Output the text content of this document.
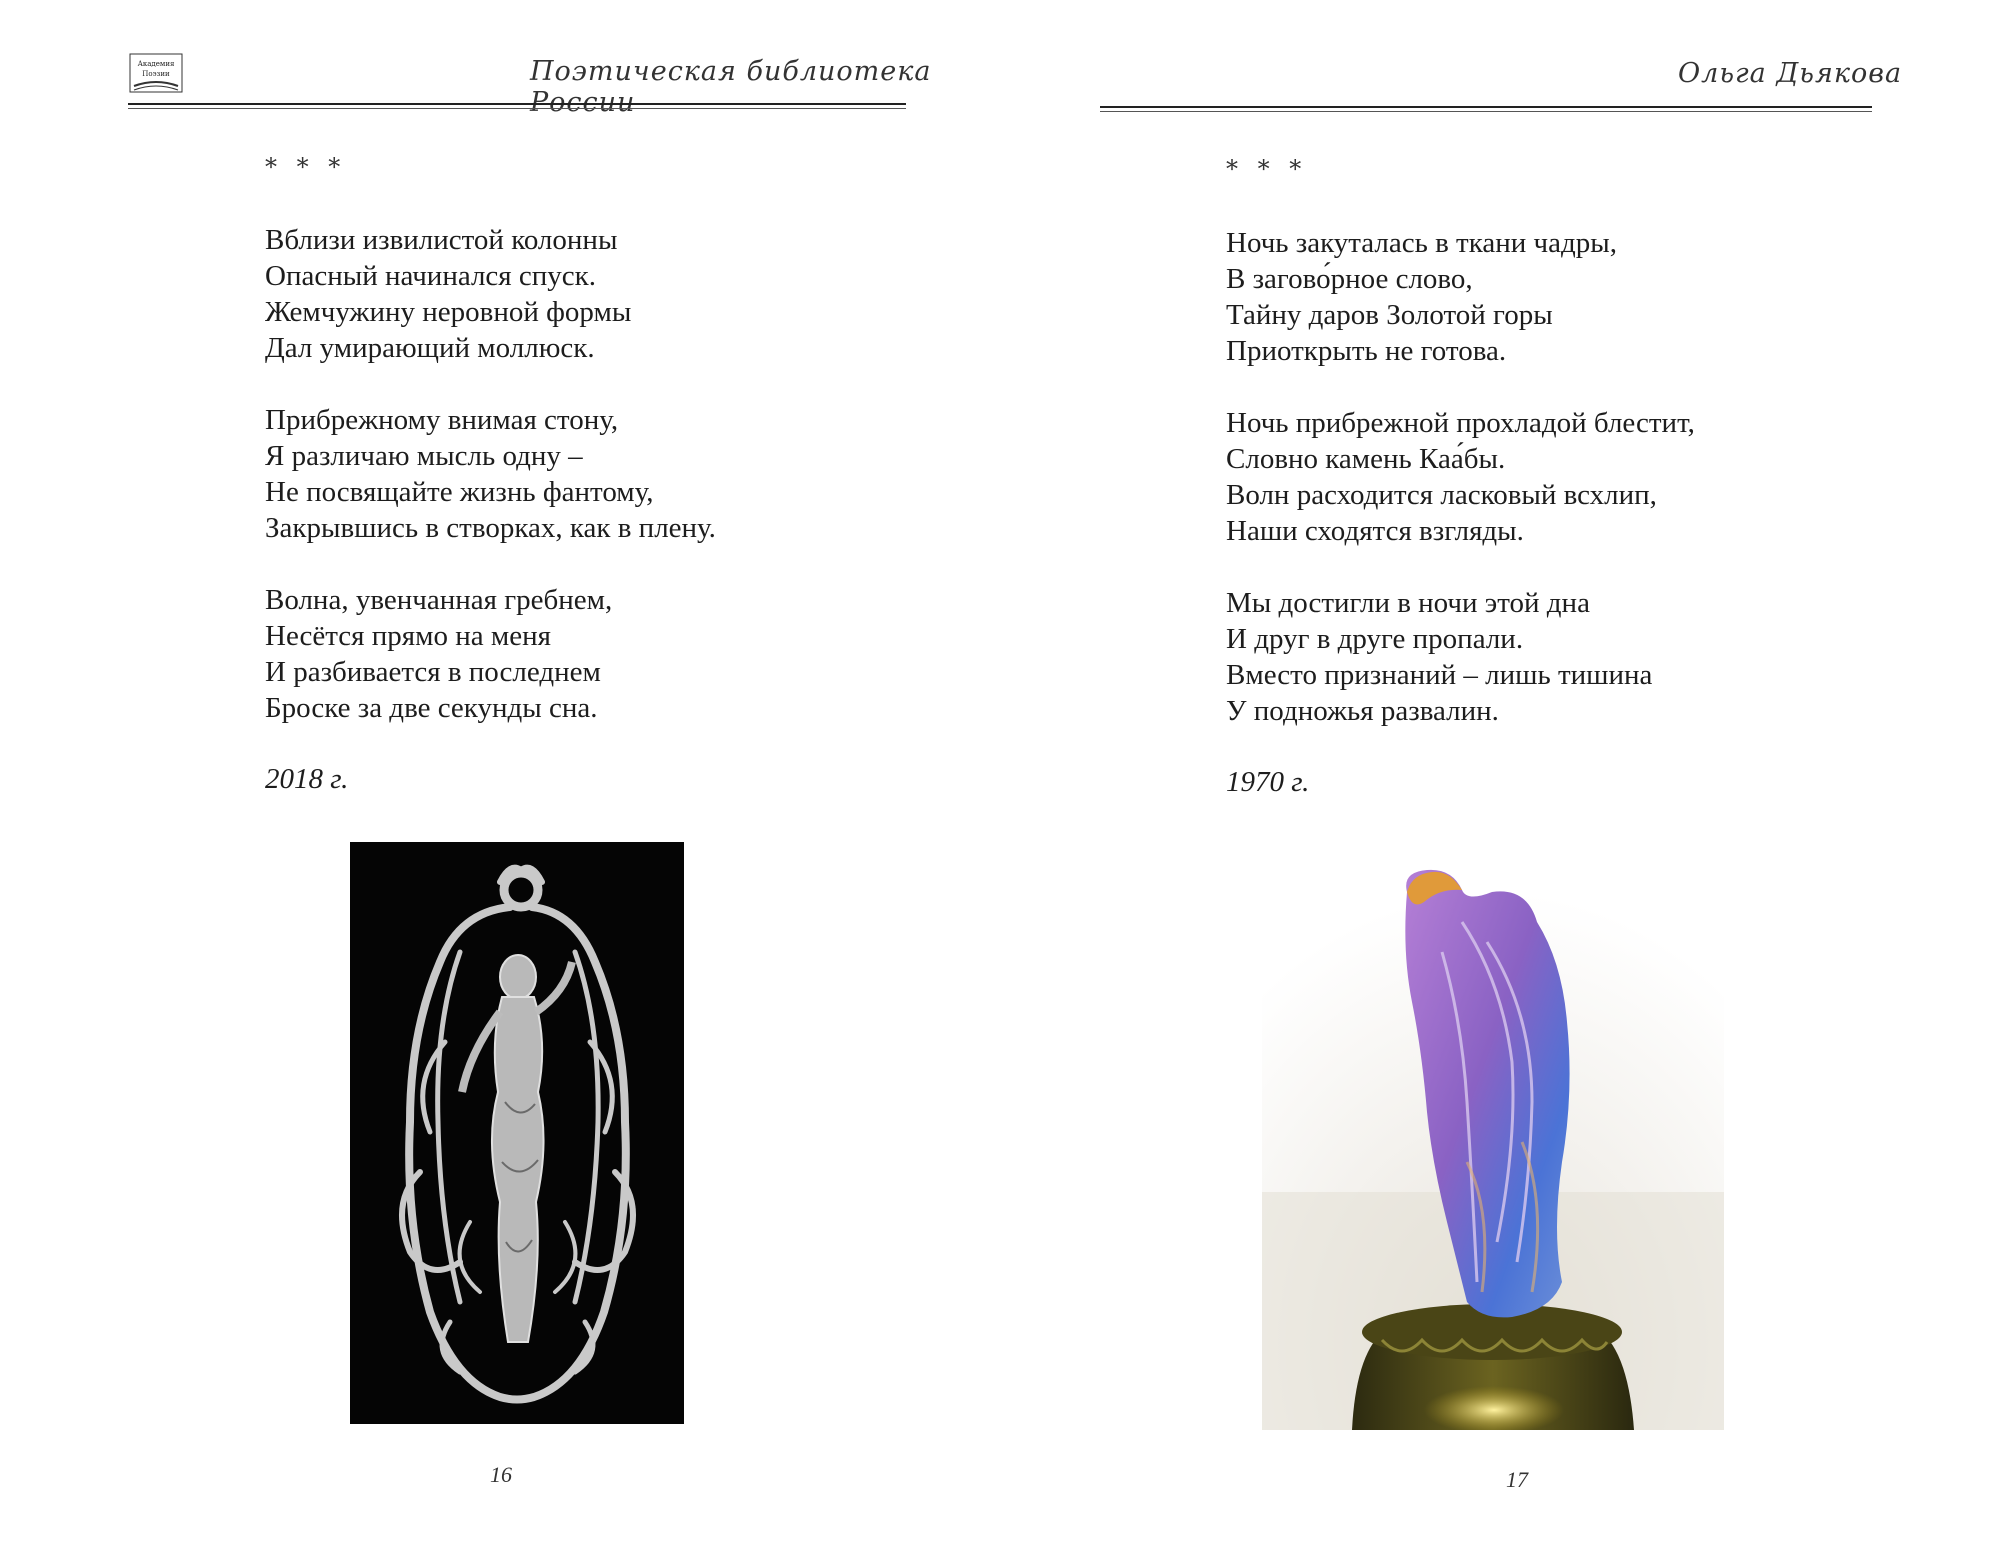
Академия
Поэзии	Поэтическая библиотека России
* * *
Вблизи извилистой колонны
Опасный начинался спуск.
Жемчужину неровной формы
Дал умирающий моллюск.
Прибрежному внимая стону,
Я различаю мысль одну –
Не посвящайте жизнь фантому,
Закрывшись в створках, как в плену.
Волна, увенчанная гребнем,
Несётся прямо на меня
И разбивается в последнем
Броске за две секунды сна.
2018 г.
16
Ольга Дьякова
* * *
Ночь закуталась в ткани чадры,
В загово́рное слово,
Тайну даров Золотой горы
Приоткрыть не готова.
Ночь прибрежной прохладой блестит,
Словно камень Каа́бы.
Волн расходится ласковый всхлип,
Наши сходятся взгляды.
Мы достигли в ночи этой дна
И друг в друге пропали.
Вместо признаний – лишь тишина
У подножья развалин.
1970 г.
17
